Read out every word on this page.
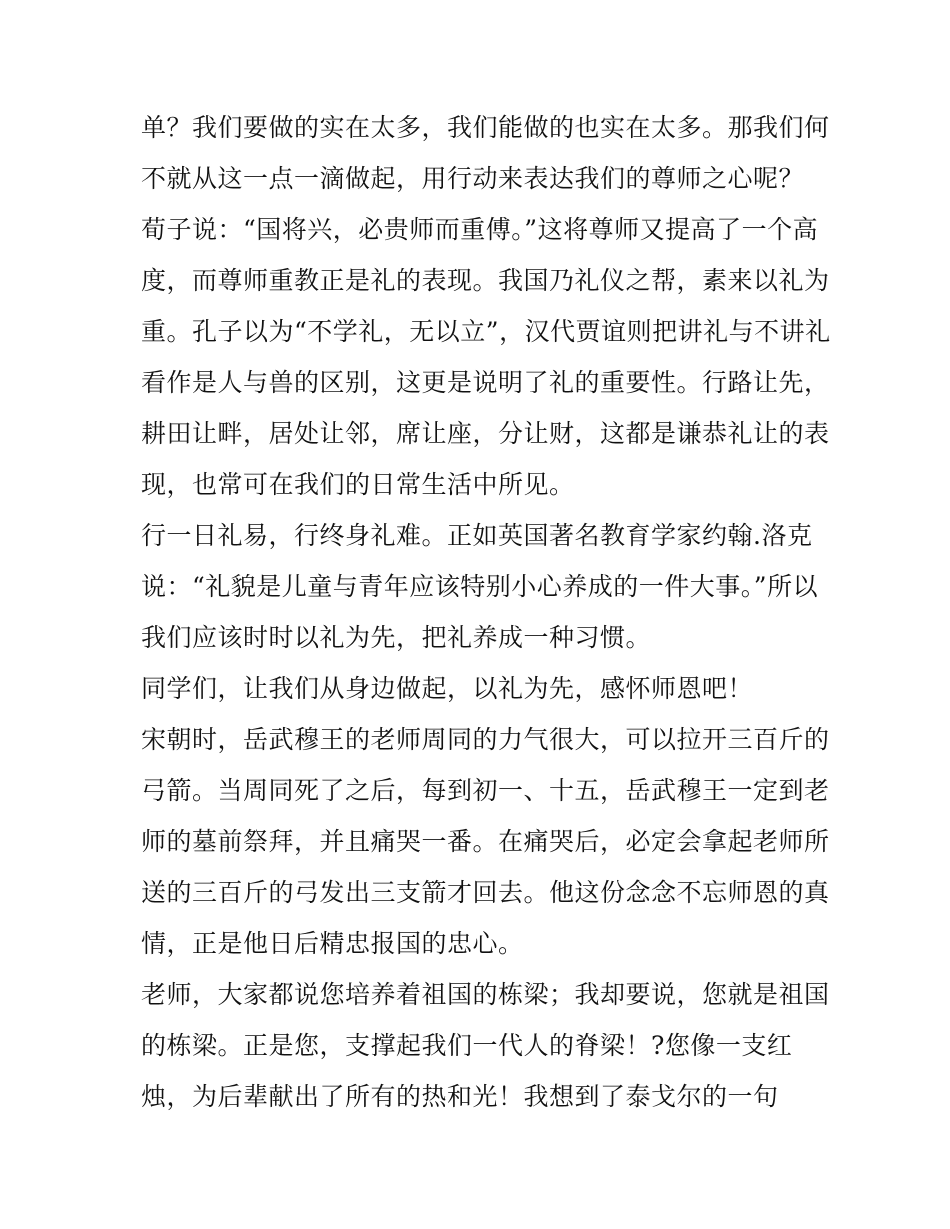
单？我们要做的实在太多，我们能做的也实在太多。那我们何
不就从这一点一滴做起，用行动来表达我们的尊师之心呢？
荀子说：“国将兴，必贵师而重傅。”这将尊师又提高了一个高
度，而尊师重教正是礼的表现。我国乃礼仪之帮，素来以礼为
重。孔子以为“不学礼，无以立”，汉代贾谊则把讲礼与不讲礼
看作是人与兽的区别，这更是说明了礼的重要性。行路让先，
耕田让畔，居处让邻，席让座，分让财，这都是谦恭礼让的表
现，也常可在我们的日常生活中所见。
行一日礼易，行终身礼难。正如英国著名教育学家约翰.洛克
说：“礼貌是儿童与青年应该特别小心养成的一件大事。”所以
我们应该时时以礼为先，把礼养成一种习惯。
同学们，让我们从身边做起，以礼为先，感怀师恩吧！
宋朝时，岳武穆王的老师周同的力气很大，可以拉开三百斤的
弓箭。当周同死了之后，每到初一、十五，岳武穆王一定到老
师的墓前祭拜，并且痛哭一番。在痛哭后，必定会拿起老师所
送的三百斤的弓发出三支箭才回去。他这份念念不忘师恩的真
情，正是他日后精忠报国的忠心。
老师，大家都说您培养着祖国的栋梁；我却要说，您就是祖国
的栋梁。正是您，支撑起我们一代人的脊梁！?您像一支红
烛，为后辈献出了所有的热和光！我想到了泰戈尔的一句
